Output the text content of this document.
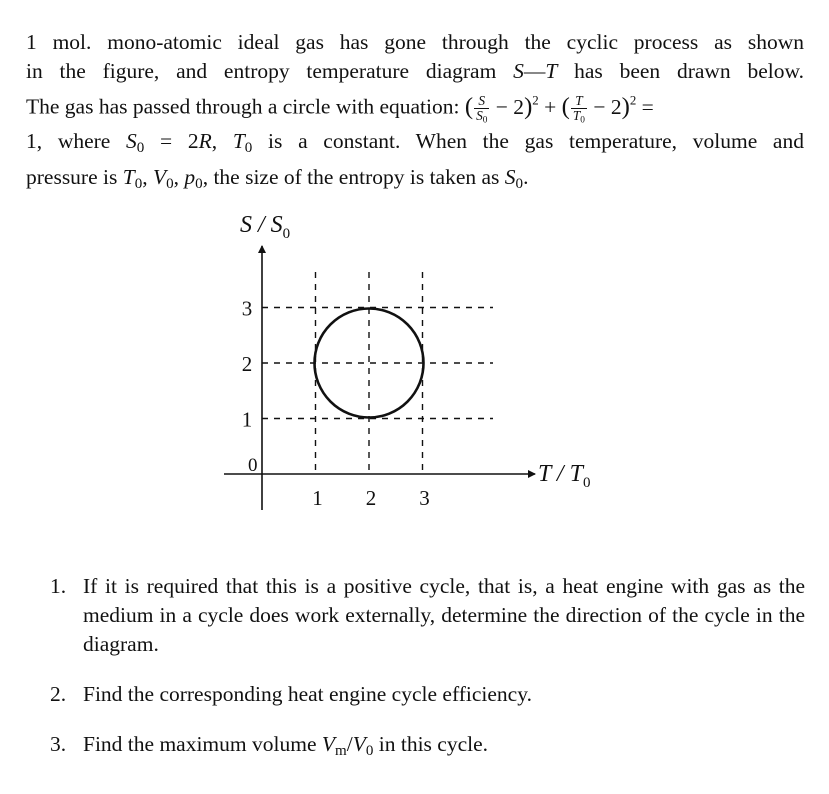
1 mol. mono-atomic ideal gas has gone through the cyclic process as shown
in the figure, and entropy temperature diagram S—T has been drawn below.
The gas has passed through a circle with equation: ( $\frac{S}{S_0} - 2)^2$ + ( $\frac{T}{T_0} - 2)^2$ =
1, where $S_0 = 2R$, $T_0$ is a constant. When the gas temperature, volume and
pressure is $T_0$, $V_0$, $p_0$, the size of the entropy is taken as $S_0$.
1 2 3
1
2
3
0
S / $S_0$
T / $T_0$
1. If it is required that this is a positive cycle, that is, a heat engine with gas as the medium in a cycle does work externally, determine the direction of the cycle in the diagram.
2. Find the corresponding heat engine cycle efficiency.
3. Find the maximum volume $V_m/V_0$ in this cycle.
